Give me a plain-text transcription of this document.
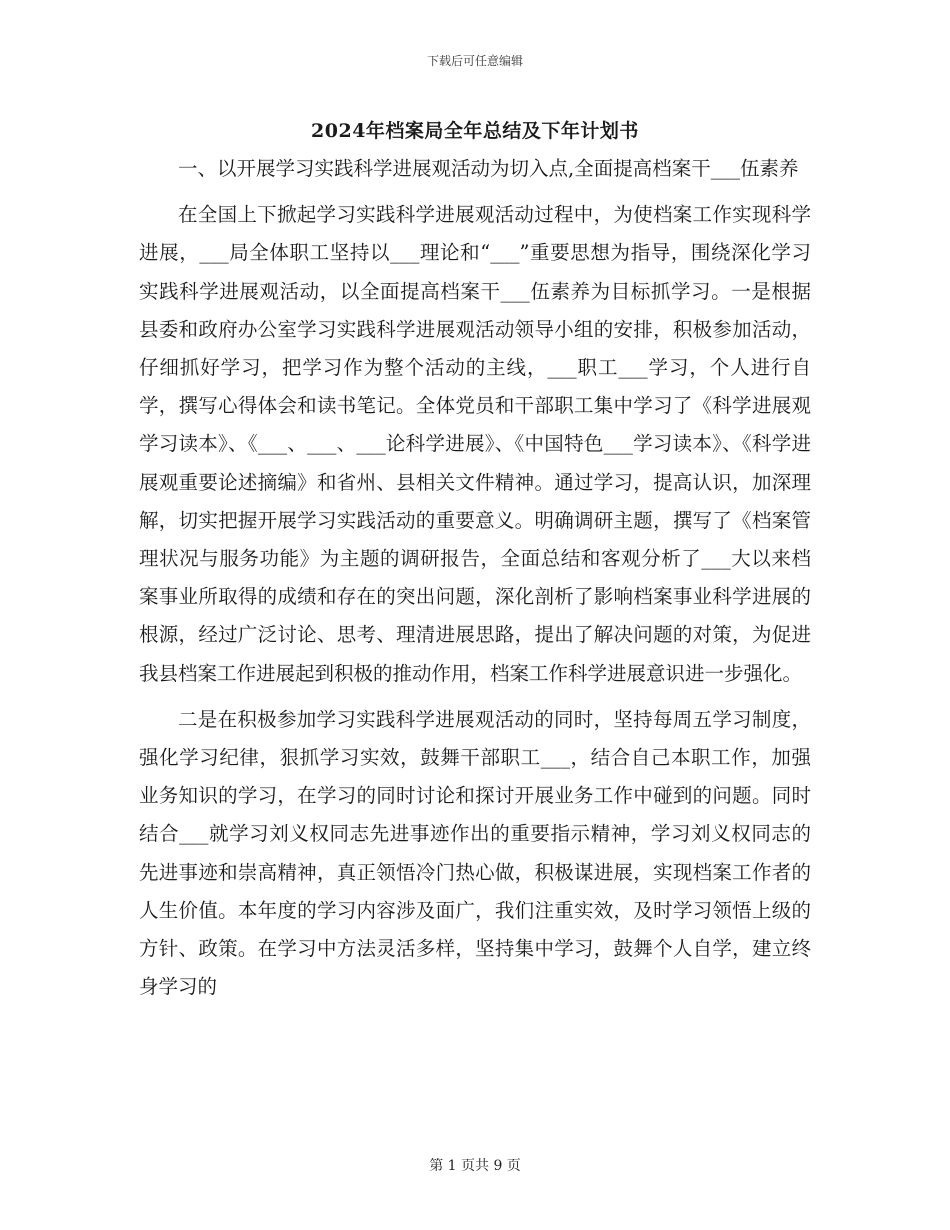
下载后可任意编辑
2024年档案局全年总结及下年计划书

一、以开展学习实践科学进展观活动为切入点,全面提高档案干___伍素养

在全国上下掀起学习实践科学进展观活动过程中，为使档案工作实现科学进展，___局全体职工坚持以___理论和“___”重要思想为指导，围绕深化学习实践科学进展观活动，以全面提高档案干___伍素养为目标抓学习。一是根据县委和政府办公室学习实践科学进展观活动领导小组的安排，积极参加活动，仔细抓好学习，把学习作为整个活动的主线，___职工___学习，个人进行自学，撰写心得体会和读书笔记。全体党员和干部职工集中学习了《科学进展观学习读本》、《___、___、___论科学进展》、《中国特色___学习读本》、《科学进展观重要论述摘编》和省州、县相关文件精神。通过学习，提高认识，加深理解，切实把握开展学习实践活动的重要意义。明确调研主题，撰写了《档案管理状况与服务功能》为主题的调研报告，全面总结和客观分析了___大以来档案事业所取得的成绩和存在的突出问题，深化剖析了影响档案事业科学进展的根源，经过广泛讨论、思考、理清进展思路，提出了解决问题的对策，为促进我县档案工作进展起到积极的推动作用，档案工作科学进展意识进一步强化。

二是在积极参加学习实践科学进展观活动的同时，坚持每周五学习制度，强化学习纪律，狠抓学习实效，鼓舞干部职工___，结合自己本职工作，加强业务知识的学习，在学习的同时讨论和探讨开展业务工作中碰到的问题。同时结合___就学习刘义权同志先进事迹作出的重要指示精神，学习刘义权同志的先进事迹和崇高精神，真正领悟冷门热心做，积极谋进展，实现档案工作者的人生价值。本年度的学习内容涉及面广，我们注重实效，及时学习领悟上级的方针、政策。在学习中方法灵活多样，坚持集中学习，鼓舞个人自学，建立终身学习的

第 1 页共 9 页
